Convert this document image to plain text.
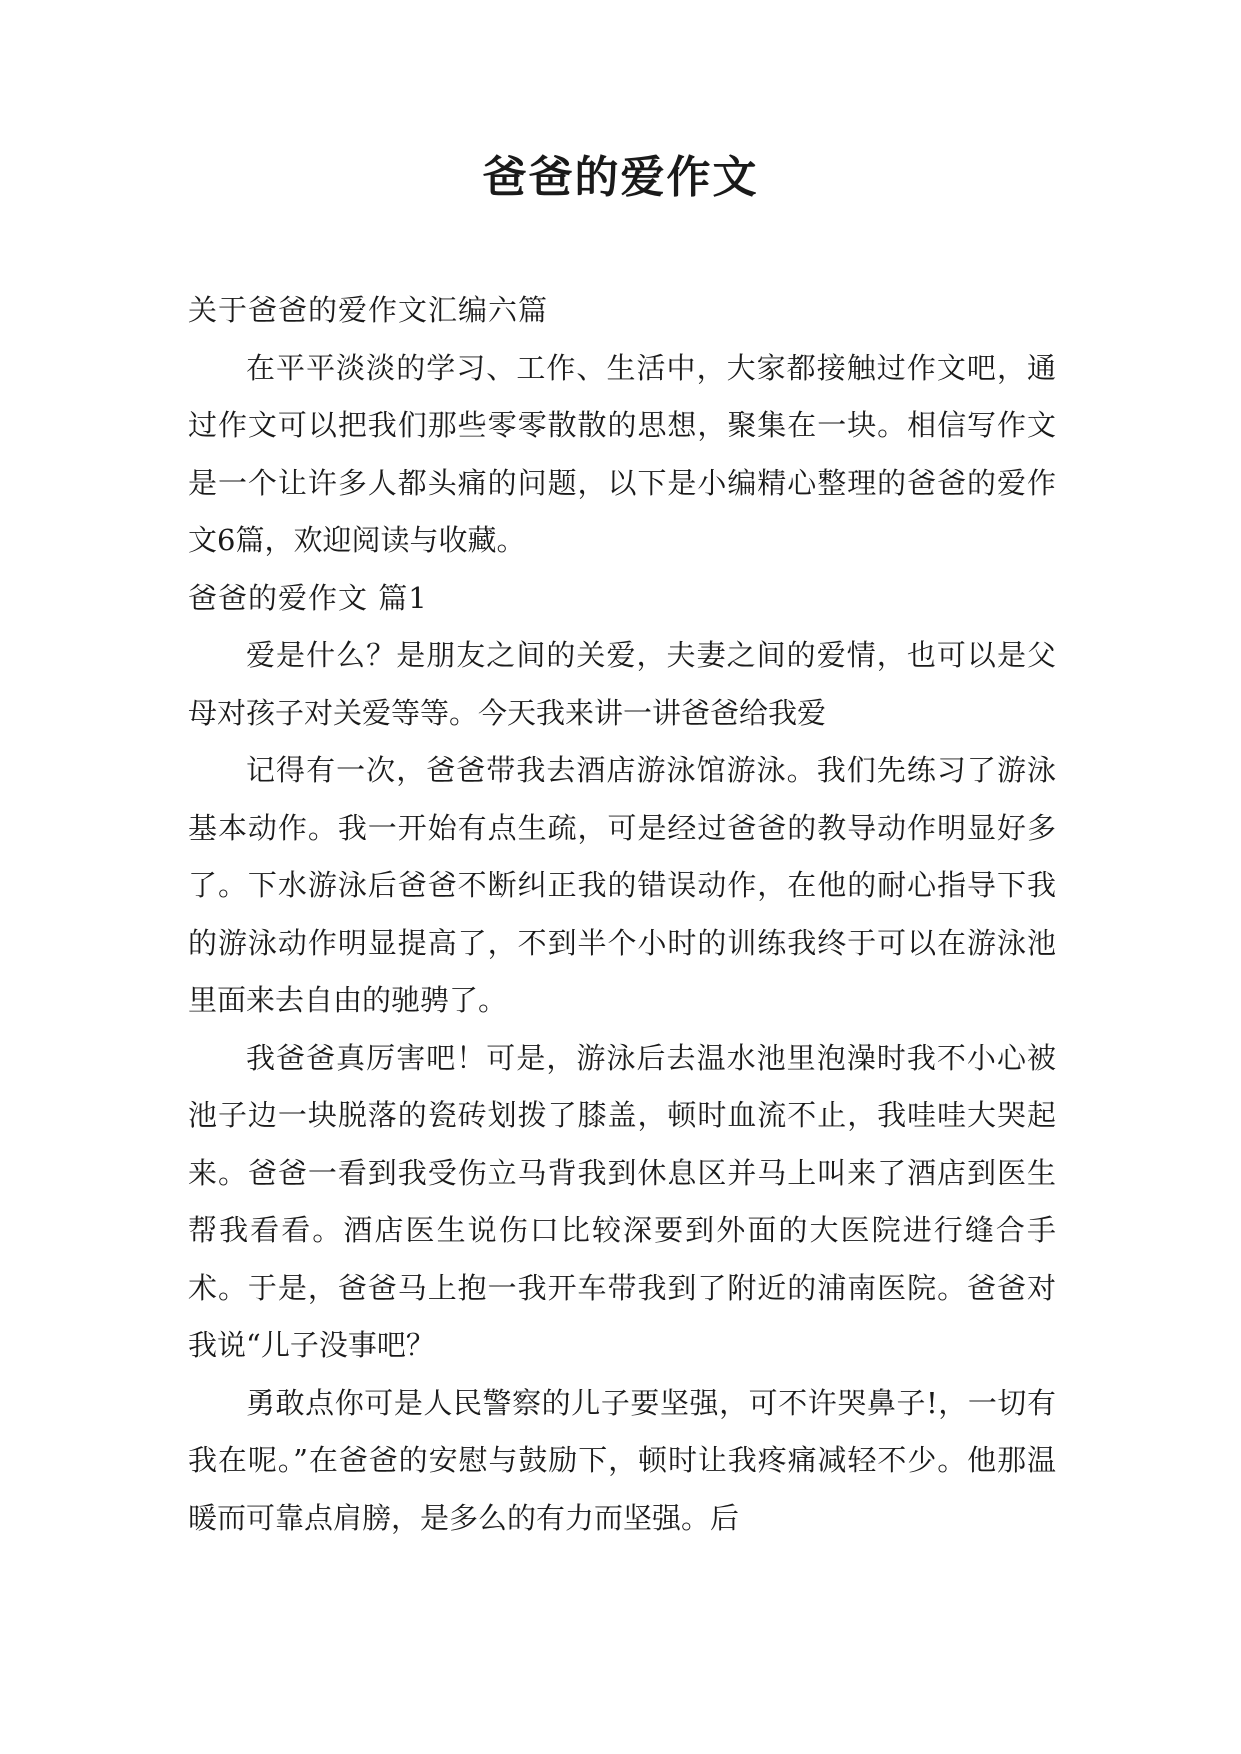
爸爸的爱作文

关于爸爸的爱作文汇编六篇

在平平淡淡的学习、工作、生活中，大家都接触过作文吧，通过作文可以把我们那些零零散散的思想，聚集在一块。相信写作文是一个让许多人都头痛的问题，以下是小编精心整理的爸爸的爱作文6篇，欢迎阅读与收藏。

爸爸的爱作文 篇1

爱是什么？是朋友之间的关爱，夫妻之间的爱情，也可以是父母对孩子对关爱等等。今天我来讲一讲爸爸给我爱

记得有一次，爸爸带我去酒店游泳馆游泳。我们先练习了游泳基本动作。我一开始有点生疏，可是经过爸爸的教导动作明显好多了。下水游泳后爸爸不断纠正我的错误动作，在他的耐心指导下我的游泳动作明显提高了，不到半个小时的训练我终于可以在游泳池里面来去自由的驰骋了。

我爸爸真厉害吧！可是，游泳后去温水池里泡澡时我不小心被池子边一块脱落的瓷砖划拨了膝盖，顿时血流不止，我哇哇大哭起来。爸爸一看到我受伤立马背我到休息区并马上叫来了酒店到医生帮我看看。酒店医生说伤口比较深要到外面的大医院进行缝合手术。于是，爸爸马上抱一我开车带我到了附近的浦南医院。爸爸对我说“儿子没事吧？

勇敢点你可是人民警察的儿子要坚强，可不许哭鼻子!，一切有我在呢。”在爸爸的安慰与鼓励下，顿时让我疼痛减轻不少。他那温暖而可靠点肩膀，是多么的有力而坚强。后
